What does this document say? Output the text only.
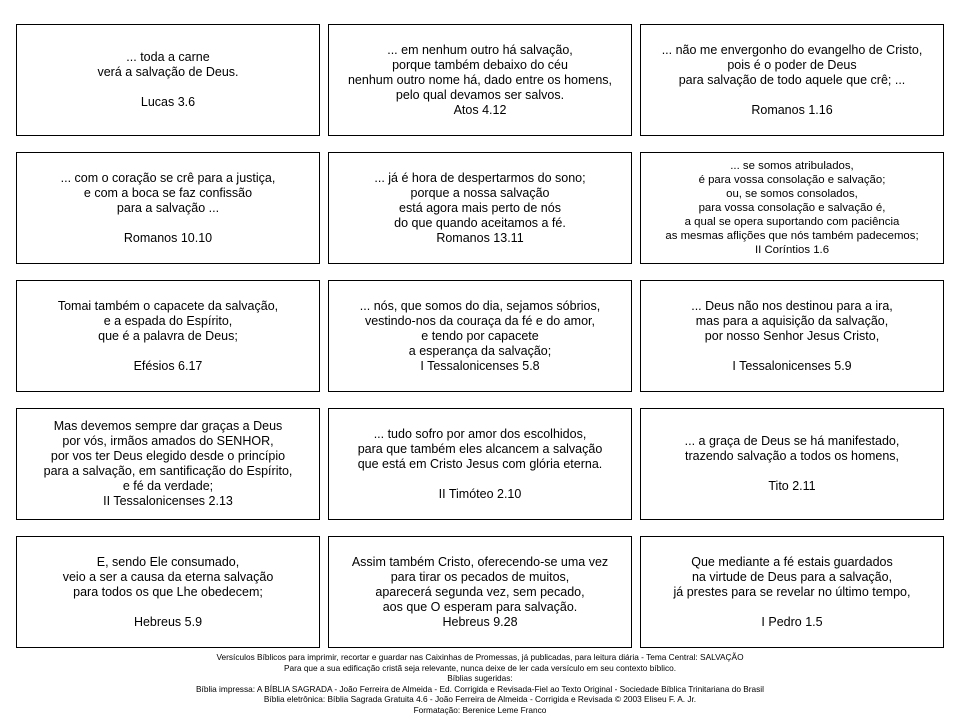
... toda a carne
verá a salvação de Deus.
Lucas 3.6
... em nenhum outro há salvação,
porque também debaixo do céu
nenhum outro nome há, dado entre os homens,
pelo qual devamos ser salvos.
Atos 4.12
... não me envergonho do evangelho de Cristo,
pois é o poder de Deus
para salvação de todo aquele que crê; ...
Romanos 1.16
... com o coração se crê para a justiça,
e com a boca se faz confissão
para a salvação ...
Romanos 10.10
... já é hora de despertarmos do sono;
porque a nossa salvação
está agora mais perto de nós
do que quando aceitamos a fé.
Romanos 13.11
... se somos atribulados,
é para vossa consolação e salvação;
ou, se somos consolados,
para vossa consolação e salvação é,
a qual se opera suportando com paciência
as mesmas aflições que nós também padecemos;
II Coríntios 1.6
Tomai também o capacete da salvação,
e a espada do Espírito,
que é a palavra de Deus;
Efésios 6.17
... nós, que somos do dia, sejamos sóbrios,
vestindo-nos da couraça da fé e do amor,
e tendo por capacete
a esperança da salvação;
I Tessalonicenses 5.8
... Deus não nos destinou para a ira,
mas para a aquisição da salvação,
por nosso Senhor Jesus Cristo,
I Tessalonicenses 5.9
Mas devemos sempre dar graças a Deus
por vós, irmãos amados do SENHOR,
por vos ter Deus elegido desde o princípio
para a salvação, em santificação do Espírito,
e fé da verdade;
II Tessalonicenses 2.13
... tudo sofro por amor dos escolhidos,
para que também eles alcancem a salvação
que está em Cristo Jesus com glória eterna.
II Timóteo 2.10
... a graça de Deus se há manifestado,
trazendo salvação a todos os homens,
Tito 2.11
E, sendo Ele consumado,
veio a ser a causa da eterna salvação
para todos os que Lhe obedecem;
Hebreus 5.9
Assim também Cristo, oferecendo-se uma vez
para tirar os pecados de muitos,
aparecerá segunda vez, sem pecado,
aos que O esperam para salvação.
Hebreus 9.28
Que mediante a fé estais guardados
na virtude de Deus para a salvação,
já prestes para se revelar no último tempo,
I Pedro 1.5
Versículos Bíblicos para imprimir, recortar e guardar nas Caixinhas de Promessas, já publicadas, para leitura diária - Tema Central: SALVAÇÃO
Para que a sua edificação cristã seja relevante, nunca deixe de ler cada versículo em seu contexto bíblico.
Bíblias sugeridas:
Bíblia impressa: A BÍBLIA SAGRADA - João Ferreira de Almeida - Ed. Corrigida e Revisada-Fiel ao Texto Original - Sociedade Bíblica Trinitariana do Brasil
Bíblia eletrônica: Bíblia Sagrada Gratuita 4.6 - João Ferreira de Almeida - Corrigida e Revisada © 2003 Eliseu F. A. Jr.
Formatação: Berenice Leme Franco
